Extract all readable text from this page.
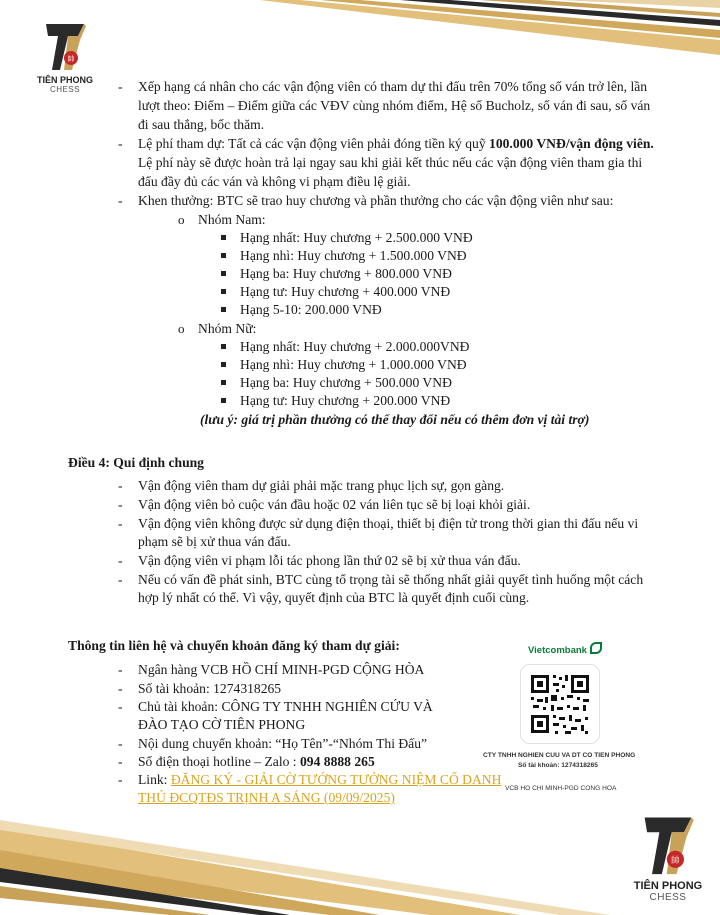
帥
TIÊN PHONG
CHESS	- Xếp hạng cá nhân cho các vận động viên có tham dự thi đấu trên 70% tổng số ván trở lên, lần
lượt theo: Điểm – Điểm giữa các VĐV cùng nhóm điểm, Hệ số Bucholz, số ván đi sau, số ván
đi sau thắng, bốc thăm.
- Lệ phí tham dự: Tất cả các vận động viên phải đóng tiền ký quỹ 100.000 VNĐ/vận động viên.
Lệ phí này sẽ được hoàn trả lại ngay sau khi giải kết thúc nếu các vận động viên tham gia thi
đấu đầy đủ các ván và không vi phạm điều lệ giải.
- Khen thưởng: BTC sẽ trao huy chương và phần thưởng cho các vận động viên như sau:
o Nhóm Nam:
Hạng nhất: Huy chương + 2.500.000 VNĐ
Hạng nhì: Huy chương + 1.500.000 VNĐ
Hạng ba: Huy chương + 800.000 VNĐ
Hạng tư: Huy chương + 400.000 VNĐ
Hạng 5-10: 200.000 VNĐ
o Nhóm Nữ:
Hạng nhất: Huy chương + 2.000.000VNĐ
Hạng nhì: Huy chương + 1.000.000 VNĐ
Hạng ba: Huy chương + 500.000 VNĐ
Hạng tư: Huy chương + 200.000 VNĐ
(lưu ý: giá trị phần thưởng có thể thay đổi nếu có thêm đơn vị tài trợ)
Điều 4: Qui định chung
- Vận động viên tham dự giải phải mặc trang phục lịch sự, gọn gàng.
- Vận động viên bỏ cuộc ván đầu hoặc 02 ván liên tục sẽ bị loại khỏi giải.
- Vận động viên không được sử dụng điện thoại, thiết bị điện tử trong thời gian thi đấu nếu vi
phạm sẽ bị xử thua ván đấu.
- Vận động viên vi phạm lỗi tác phong lần thứ 02 sẽ bị xử thua ván đấu.
- Nếu có vấn đề phát sinh, BTC cùng tổ trọng tài sẽ thống nhất giải quyết tình huống một cách
hợp lý nhất có thể. Vì vậy, quyết định của BTC là quyết định cuối cùng.
Thông tin liên hệ và chuyển khoản đăng ký tham dự giải:
- Ngân hàng VCB HỒ CHÍ MINH-PGD CỘNG HÒA
- Số tài khoản: 1274318265
- Chủ tài khoản: CÔNG TY TNHH NGHIÊN CỨU VÀ
ĐÀO TẠO CỜ TIÊN PHONG
- Nội dung chuyển khoản: “Họ Tên”-“Nhóm Thi Đấu”
- Số điện thoại hotline – Zalo : 094 8888 265
- Link: ĐĂNG KÝ - GIẢI CỜ TƯỚNG TƯỞNG NIỆM CỐ DANH
THỦ ĐCQTĐS TRỊNH A SÁNG (09/09/2025)
Vietcombank
CTY TNHH NGHIEN CUU VA DT CO TIEN PHONG
Số tài khoản: 1274318265
VCB HO CHI MINH-PGD CONG HOA
帥
TIÊN PHONG
CHESS
